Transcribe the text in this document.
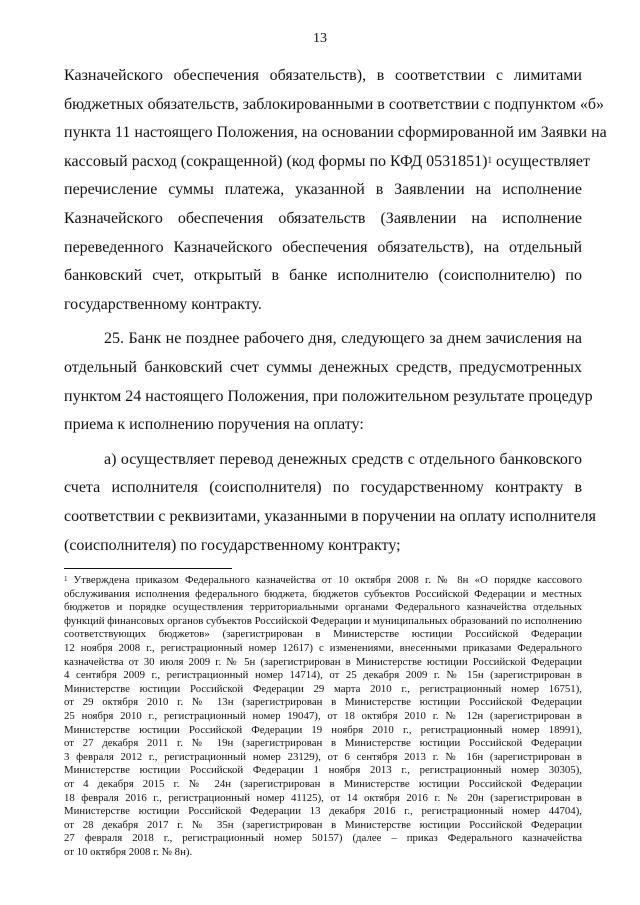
13
Казначейского обеспечения обязательств), в соответствии с лимитами
бюджетных обязательств, заблокированными в соответствии с подпунктом «б»
пункта 11 настоящего Положения, на основании сформированной им Заявки на
кассовый расход (сокращенной) (код формы по КФД 0531851)$^1$ осуществляет
перечисление суммы платежа, указанной в Заявлении на исполнение
Казначейского обеспечения обязательств (Заявлении на исполнение
переведенного Казначейского обеспечения обязательств), на отдельный
банковский счет, открытый в банке исполнителю (соисполнителю) по
государственному контракту.
25. Банк не позднее рабочего дня, следующего за днем зачисления на
отдельный банковский счет суммы денежных средств, предусмотренных
пунктом 24 настоящего Положения, при положительном результате процедур
приема к исполнению поручения на оплату:
а) осуществляет перевод денежных средств с отдельного банковского
счета исполнителя (соисполнителя) по государственному контракту в
соответствии с реквизитами, указанными в поручении на оплату исполнителя
(соисполнителя) по государственному контракту;
$^1$ Утверждена приказом Федерального казначейства от 10 октября 2008 г. № 8н «О порядке кассового
обслуживания исполнения федерального бюджета, бюджетов субъектов Российской Федерации и местных
бюджетов и порядке осуществления территориальными органами Федерального казначейства отдельных
функций финансовых органов субъектов Российской Федерации и муниципальных образований по исполнению
соответствующих бюджетов» (зарегистрирован в Министерстве юстиции Российской Федерации
12 ноября 2008 г., регистрационный номер 12617) с изменениями, внесенными приказами Федерального
казначейства от 30 июля 2009 г. № 5н (зарегистрирован в Министерстве юстиции Российской Федерации
4 сентября 2009 г., регистрационный номер 14714), от 25 декабря 2009 г. № 15н (зарегистрирован в
Министерстве юстиции Российской Федерации 29 марта 2010 г., регистрационный номер 16751),
от 29 октября 2010 г. № 13н (зарегистрирован в Министерстве юстиции Российской Федерации
25 ноября 2010 г., регистрационный номер 19047), от 18 октября 2010 г. № 12н (зарегистрирован в
Министерстве юстиции Российской Федерации 19 ноября 2010 г., регистрационный номер 18991),
от 27 декабря 2011 г. № 19н (зарегистрирован в Министерстве юстиции Российской Федерации
3 февраля 2012 г., регистрационный номер 23129), от 6 сентября 2013 г. № 16н (зарегистрирован в
Министерстве юстиции Российской Федерации 1 ноября 2013 г., регистрационный номер 30305),
от 4 декабря 2015 г. № 24н (зарегистрирован в Министерстве юстиции Российской Федерации
18 февраля 2016 г., регистрационный номер 41125), от 14 октября 2016 г. № 20н (зарегистрирован в
Министерстве юстиции Российской Федерации 13 декабря 2016 г., регистрационный номер 44704),
от 28 декабря 2017 г. № 35н (зарегистрирован в Министерстве юстиции Российской Федерации
27 февраля 2018 г., регистрационный номер 50157) (далее – приказ Федерального казначейства
от 10 октября 2008 г. № 8н).
